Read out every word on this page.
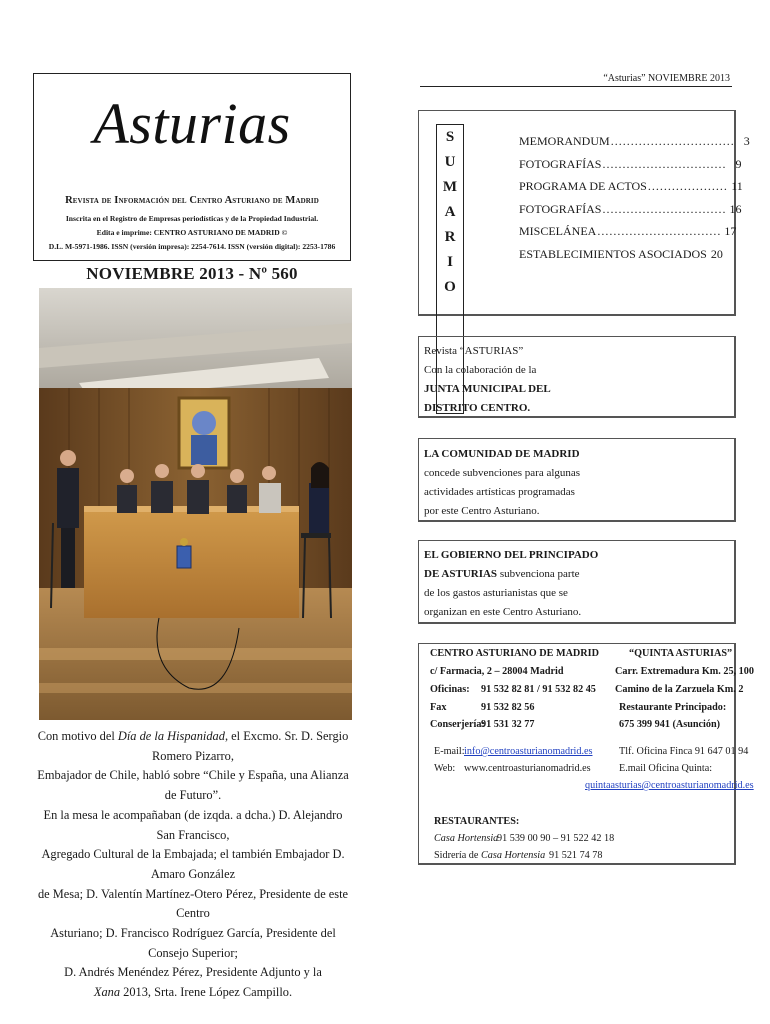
Asturias
Revista de Información del Centro Asturiano de Madrid
Inscrita en el Registro de Empresas periodísticas y de la Propiedad Industrial.
Edita e imprime: CENTRO ASTURIANO DE MADRID ©
D.L. M-5971-1986. ISSN (versión impresa): 2254-7614. ISSN (versión digital): 2253-1786
NOVIEMBRE 2013 - Nº 560
Con motivo del Día de la Hispanidad, el Excmo. Sr. D. Sergio Romero Pizarro,
Embajador de Chile, habló sobre “Chile y España, una Alianza de Futuro”.
En la mesa le acompañaban (de izqda. a dcha.) D. Alejandro San Francisco,
Agregado Cultural de la Embajada; el también Embajador D. Amaro González
de Mesa; D. Valentín Martínez-Otero Pérez, Presidente de este Centro
Asturiano; D. Francisco Rodríguez García, Presidente del Consejo Superior;
D. Andrés Menéndez Pérez, Presidente Adjunto y la
Xana 2013, Srta. Irene López Campillo.
“Asturias” NOVIEMBRE 2013
S
U
M
A
R
I
O
MEMORANDUM ............................... 3
FOTOGRAFÍAS ............................... 9
PROGRAMA DE ACTOS .................... 11
FOTOGRAFÍAS ............................... 16
MISCELÁNEA ............................... 17
ESTABLECIMIENTOS ASOCIADOS 20
Revista “ASTURIAS”
Con la colaboración de la
JUNTA MUNICIPAL DEL
DISTRITO CENTRO.
LA COMUNIDAD DE MADRID
concede subvenciones para algunas
actividades artísticas programadas
por este Centro Asturiano.
EL GOBIERNO DEL PRINCIPADO
DE ASTURIAS subvenciona parte
de los gastos asturianistas que se
organizan en este Centro Asturiano.
CENTRO ASTURIANO DE MADRID
c/ Farmacia, 2 – 28004 Madrid
Oficinas: 91 532 82 81 / 91 532 82 45
Fax	91 532 82 56
Conserjería:
91 531 32 77
“QUINTA ASTURIAS”
Carr. Extremadura Km. 25, 100
Camino de la Zarzuela Km. 2
Restaurante Principado:
675 399 941 (Asunción)
E-mail: info@centroasturianomadrid.es
Web: www.centroasturianomadrid.es
Tlf. Oficina Finca 91 647 01 94
E.mail Oficina Quinta:
quintaasturias@centroasturianomadrid.es
RESTAURANTES:
Casa Hortensia
91 539 00 90 – 91 522 42 18
Sidrería de Casa Hortensia 91 521 74 78
